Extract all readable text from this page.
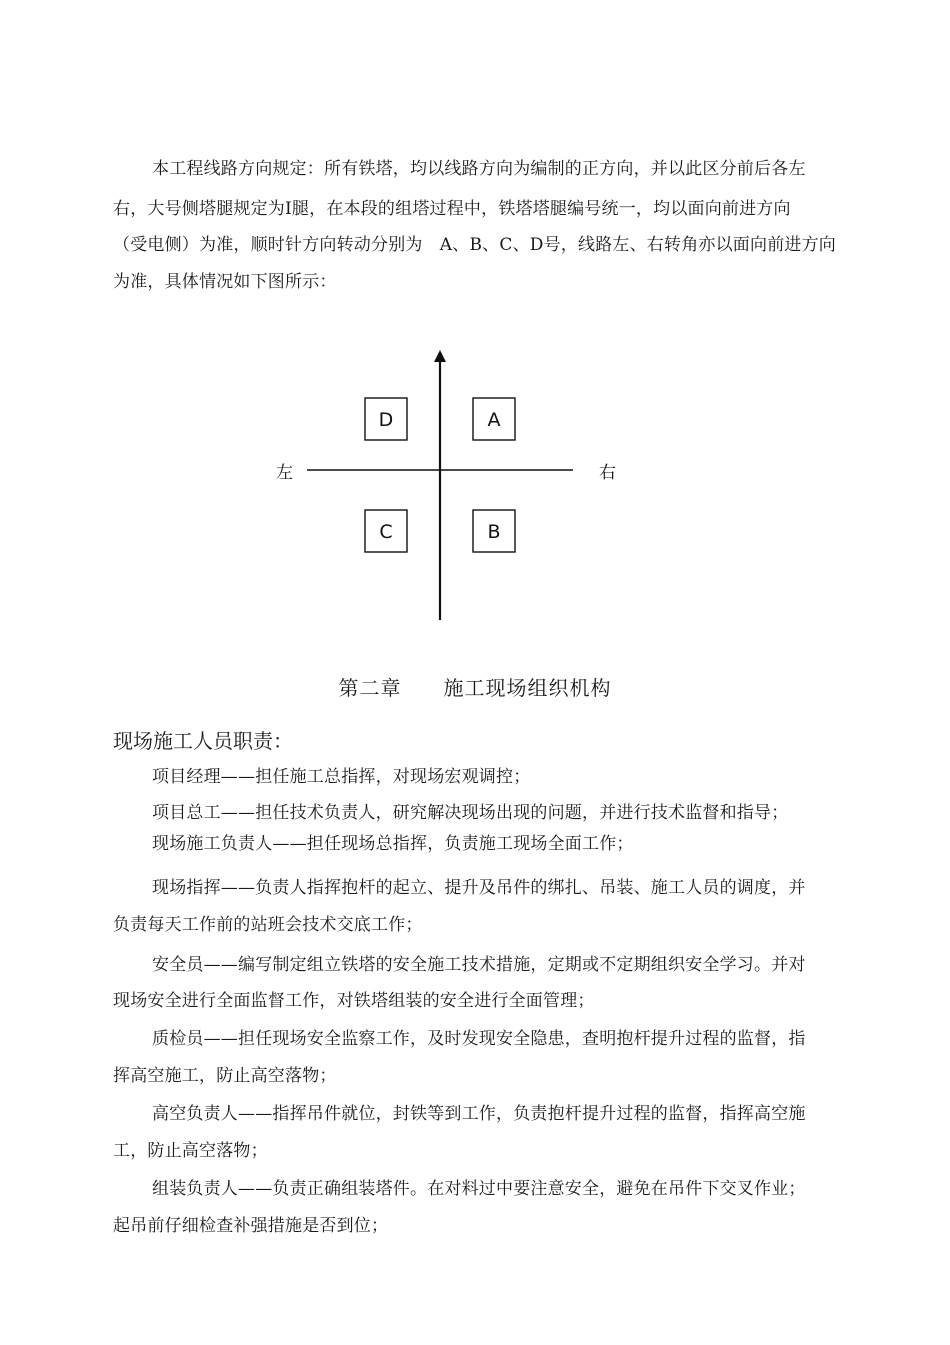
本工程线路方向规定：所有铁塔，均以线路方向为编制的正方向，并以此区分前后各左
右，大号侧塔腿规定为Ⅰ腿，在本段的组塔过程中，铁塔塔腿编号统一，均以面向前进方向
（受电侧）为准，顺时针方向转动分别为　A、B、C、D号，线路左、右转角亦以面向前进方向
为准，具体情况如下图所示：
D	A
C	B
左	右
第二章　　施工现场组织机构
现场施工人员职责：
项目经理——担任施工总指挥，对现场宏观调控；
项目总工——担任技术负责人，研究解决现场出现的问题，并进行技术监督和指导；
现场施工负责人——担任现场总指挥，负责施工现场全面工作；
现场指挥——负责人指挥抱杆的起立、提升及吊件的绑扎、吊装、施工人员的调度，并
负责每天工作前的站班会技术交底工作；
安全员——编写制定组立铁塔的安全施工技术措施，定期或不定期组织安全学习。并对
现场安全进行全面监督工作，对铁塔组装的安全进行全面管理；
质检员——担任现场安全监察工作，及时发现安全隐患，查明抱杆提升过程的监督，指
挥高空施工，防止高空落物；
高空负责人——指挥吊件就位，封铁等到工作，负责抱杆提升过程的监督，指挥高空施
工，防止高空落物；
组装负责人——负责正确组装塔件。在对料过中要注意安全，避免在吊件下交叉作业；
起吊前仔细检查补强措施是否到位；
